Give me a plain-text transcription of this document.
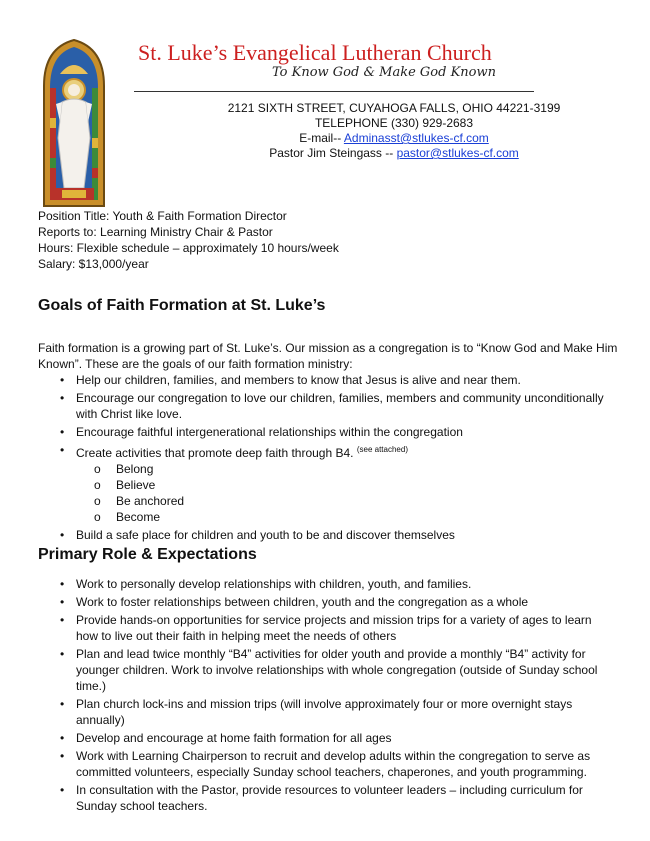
St. Luke’s Evangelical Lutheran Church
To Know God & Make God Known
2121 SIXTH STREET, CUYAHOGA FALLS, OHIO 44221-3199
TELEPHONE (330) 929-2683
E-mail-- Adminasst@stlukes-cf.com
Pastor Jim Steingass -- pastor@stlukes-cf.com
Position Title: Youth & Faith Formation Director
Reports to: Learning Ministry Chair & Pastor
Hours: Flexible schedule – approximately 10 hours/week
Salary: $13,000/year
Goals of Faith Formation at St. Luke’s
Faith formation is a growing part of St. Luke’s. Our mission as a congregation is to “Know God and Make Him Known”. These are the goals of our faith formation ministry:
• Help our children, families, and members to know that Jesus is alive and near them.
• Encourage our congregation to love our children, families, members and community unconditionally with Christ like love.
• Encourage faithful intergenerational relationships within the congregation
• Create activities that promote deep faith through B4. $^{(see attached)}$
o Belong
o Believe
o Be anchored
o Become
• Build a safe place for children and youth to be and discover themselves
Primary Role & Expectations
• Work to personally develop relationships with children, youth, and families.
• Work to foster relationships between children, youth and the congregation as a whole
• Provide hands-on opportunities for service projects and mission trips for a variety of ages to learn how to live out their faith in helping meet the needs of others
• Plan and lead twice monthly “B4” activities for older youth and provide a monthly “B4” activity for younger children. Work to involve relationships with whole congregation (outside of Sunday school time.)
• Plan church lock-ins and mission trips (will involve approximately four or more overnight stays annually)
• Develop and encourage at home faith formation for all ages
• Work with Learning Chairperson to recruit and develop adults within the congregation to serve as committed volunteers, especially Sunday school teachers, chaperones, and youth programming.
• In consultation with the Pastor, provide resources to volunteer leaders – including curriculum for Sunday school teachers.
